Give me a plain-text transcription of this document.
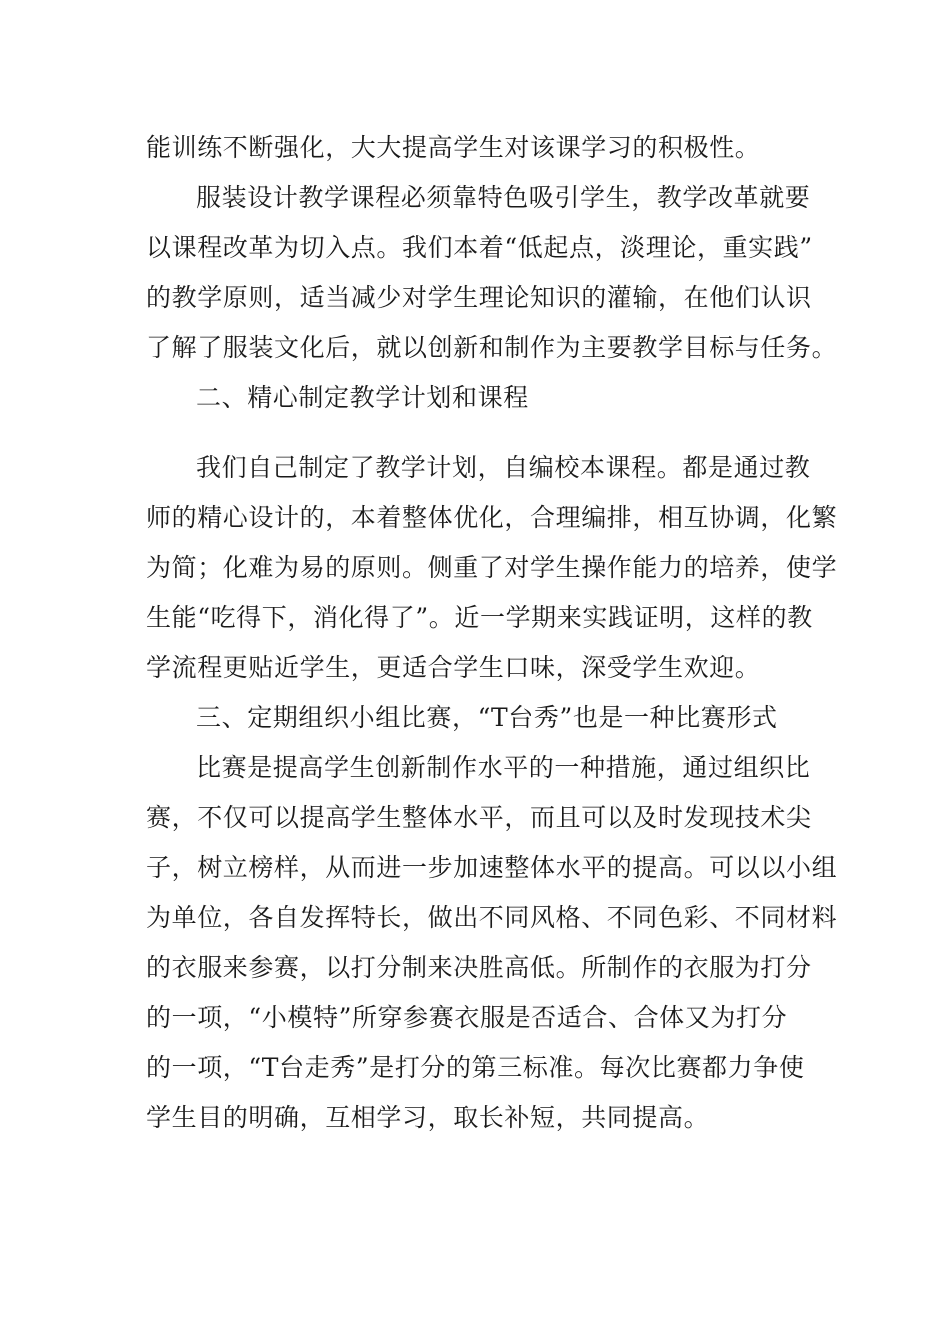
能训练不断强化，大大提高学生对该课学习的积极性。
服装设计教学课程必须靠特色吸引学生，教学改革就要
以课程改革为切入点。我们本着“低起点，淡理论，重实践”
的教学原则，适当减少对学生理论知识的灌输，在他们认识
了解了服装文化后，就以创新和制作为主要教学目标与任务。
二、精心制定教学计划和课程
我们自己制定了教学计划，自编校本课程。都是通过教
师的精心设计的，本着整体优化，合理编排，相互协调，化繁
为简；化难为易的原则。侧重了对学生操作能力的培养，使学
生能“吃得下，消化得了”。近一学期来实践证明，这样的教
学流程更贴近学生，更适合学生口味，深受学生欢迎。
三、定期组织小组比赛，“T台秀”也是一种比赛形式
比赛是提高学生创新制作水平的一种措施，通过组织比
赛，不仅可以提高学生整体水平，而且可以及时发现技术尖
子，树立榜样，从而进一步加速整体水平的提高。可以以小组
为单位，各自发挥特长，做出不同风格、不同色彩、不同材料
的衣服来参赛，以打分制来决胜高低。所制作的衣服为打分
的一项，“小模特”所穿参赛衣服是否适合、合体又为打分
的一项，“T台走秀”是打分的第三标准。每次比赛都力争使
学生目的明确，互相学习，取长补短，共同提高。
